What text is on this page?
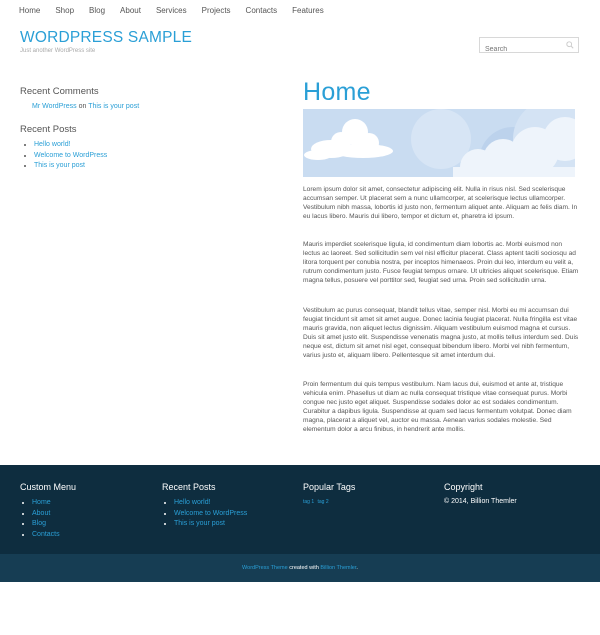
Home Shop Blog About Services Projects Contacts Features
WORDPRESS SAMPLE
Just another WordPress site
Search
Recent Comments
Mr WordPress on This is your post
Recent Posts
• Hello world!
• Welcome to WordPress
• This is your post
Home

Lorem ipsum dolor sit amet, consectetur adipiscing elit. Nulla in risus nisl. Sed scelerisque accumsan semper. Ut placerat sem a nunc ullamcorper, at scelerisque lectus ullamcorper. Vestibulum nibh massa, lobortis id justo non, fermentum aliquet ante. Aliquam ac felis diam. In eu lacus libero. Mauris dui libero, tempor et dictum et, pharetra id ipsum.

Mauris imperdiet scelerisque ligula, id condimentum diam lobortis ac. Morbi euismod non lectus ac laoreet. Sed sollicitudin sem vel nisl efficitur placerat. Class aptent taciti sociosqu ad litora torquent per conubia nostra, per inceptos himenaeos. Proin dui leo, interdum eu velit a, rutrum condimentum justo. Fusce feugiat tempus ornare. Ut ultricies aliquet scelerisque. Etiam magna tellus, posuere vel porttitor sed, feugiat sed urna. Proin sed sollicitudin urna.

Vestibulum ac purus consequat, blandit tellus vitae, semper nisl. Morbi eu mi accumsan dui feugiat tincidunt sit amet sit amet augue. Donec lacinia feugiat placerat. Nulla fringilla est vitae mauris gravida, non aliquet lectus dignissim. Aliquam vestibulum euismod magna et cursus. Duis sit amet justo elit. Suspendisse venenatis magna justo, at mollis tellus interdum sed. Duis neque est, dictum sit amet nisl eget, consequat bibendum libero. Morbi vel nibh fermentum, varius justo et, aliquam libero. Pellentesque sit amet interdum dui.

Proin fermentum dui quis tempus vestibulum. Nam lacus dui, euismod et ante at, tristique vehicula enim. Phasellus ut diam ac nulla consequat tristique vitae consequat purus. Morbi congue nec justo eget aliquet. Suspendisse sodales dolor ac est sodales condimentum. Curabitur a dapibus ligula. Suspendisse at quam sed lacus fermentum volutpat. Donec diam magna, placerat a aliquet vel, auctor eu massa. Aenean varius sodales molestie. Sed elementum dolor a arcu finibus, in hendrerit ante mollis.

Custom Menu
• Home
• About
• Blog
• Contacts
Recent Posts
• Hello world!
• Welcome to WordPress
• This is your post
Popular Tags
tag 1 tag 2
Copyright
© 2014, Billion Themler
WordPress Theme created with Billion Themler.
